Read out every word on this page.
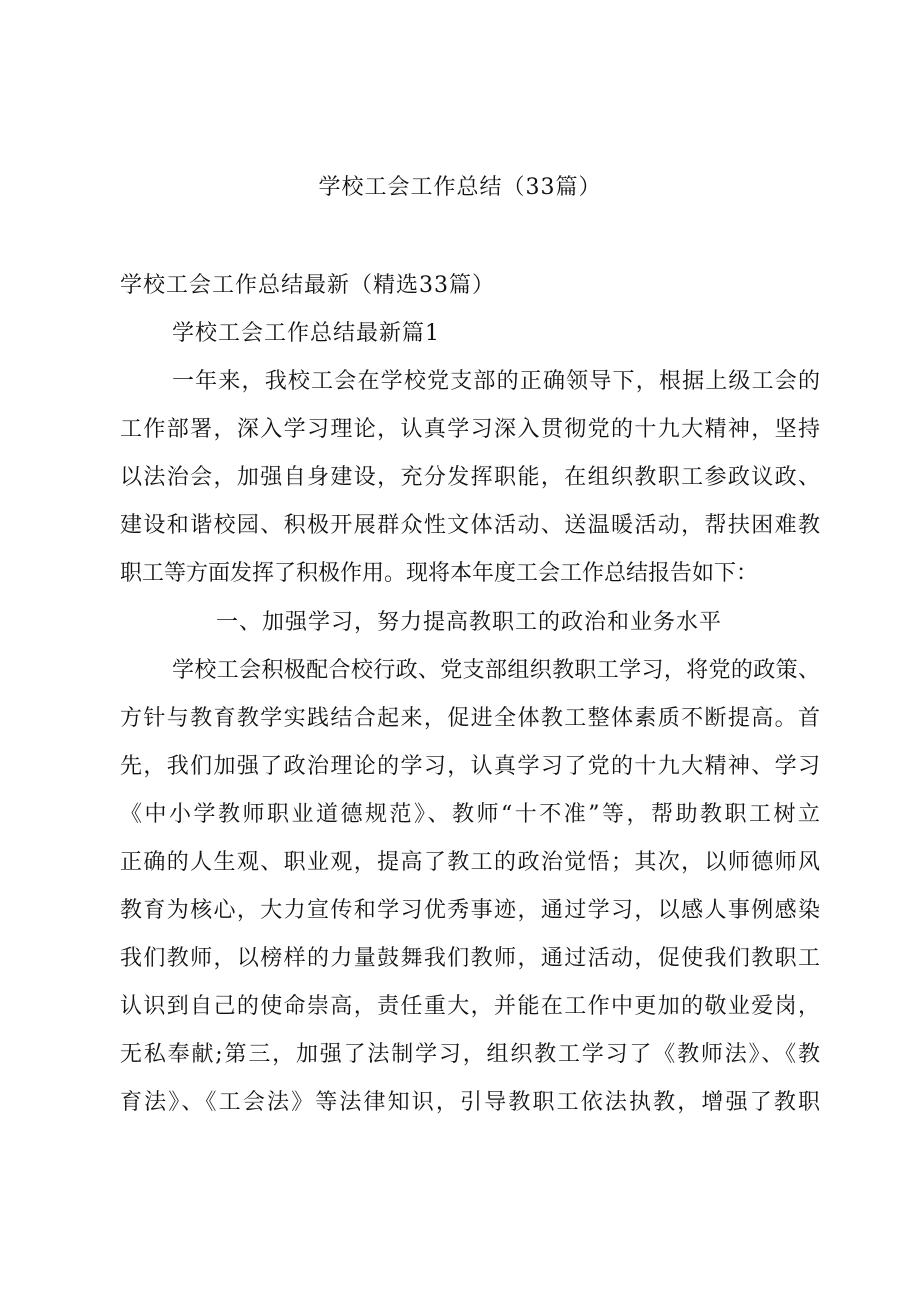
学校工会工作总结（33篇）
学校工会工作总结最新（精选33篇）
学校工会工作总结最新篇1
一年来，我校工会在学校党支部的正确领导下，根据上级工会的
工作部署，深入学习理论，认真学习深入贯彻党的十九大精神，坚持
以法治会，加强自身建设，充分发挥职能，在组织教职工参政议政、
建设和谐校园、积极开展群众性文体活动、送温暖活动，帮扶困难教
职工等方面发挥了积极作用。现将本年度工会工作总结报告如下：
一、加强学习，努力提高教职工的政治和业务水平
学校工会积极配合校行政、党支部组织教职工学习，将党的政策、
方针与教育教学实践结合起来，促进全体教工整体素质不断提高。首
先，我们加强了政治理论的学习，认真学习了党的十九大精神、学习
《中小学教师职业道德规范》、教师“十不准”等，帮助教职工树立
正确的人生观、职业观，提高了教工的政治觉悟；其次，以师德师风
教育为核心，大力宣传和学习优秀事迹，通过学习，以感人事例感染
我们教师，以榜样的力量鼓舞我们教师，通过活动，促使我们教职工
认识到自己的使命崇高，责任重大，并能在工作中更加的敬业爱岗，
无私奉献;第三，加强了法制学习，组织教工学习了《教师法》、《教
育法》、《工会法》等法律知识，引导教职工依法执教，增强了教职
